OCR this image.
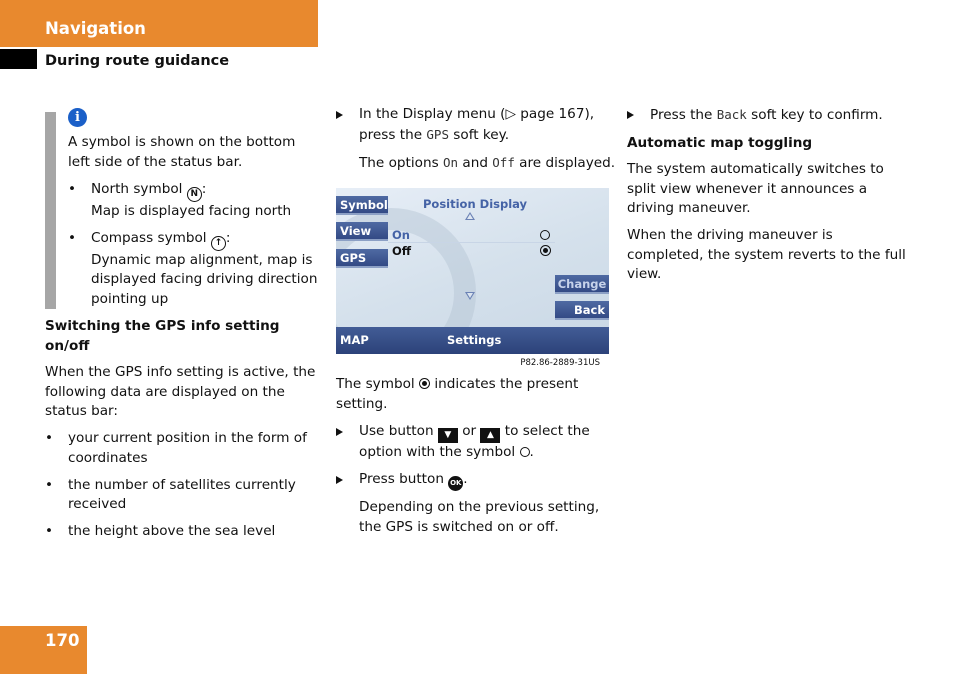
Navigation
During route guidance
i

A symbol is shown on the bottom left side of the status bar.

• North symbol N :
Map is displayed facing north
• Compass symbol ↑ :
Dynamic map alignment, map is displayed facing driving direction pointing up
Switching the GPS info setting on/off

When the GPS info setting is active, the following data are displayed on the status bar:

• your current position in the form of coordinates
• the number of satellites currently received
• the height above the sea level
In the Display menu (▷ page 167), press the GPS soft key.

The options On and Off are displayed.

Symbol
View
GPS
Position Display
On
Off
Change
Back
MAP	Settings
P82.86-2889-31US

The symbol  indicates the present setting.

Use button ▼ or ▲ to select the option with the symbol .
Press button OK .

Depending on the previous setting, the GPS is switched on or off.

Press the Back soft key to confirm.
Automatic map toggling

The system automatically switches to split view whenever it announces a driving maneuver.

When the driving maneuver is completed, the system reverts to the full view.

170
